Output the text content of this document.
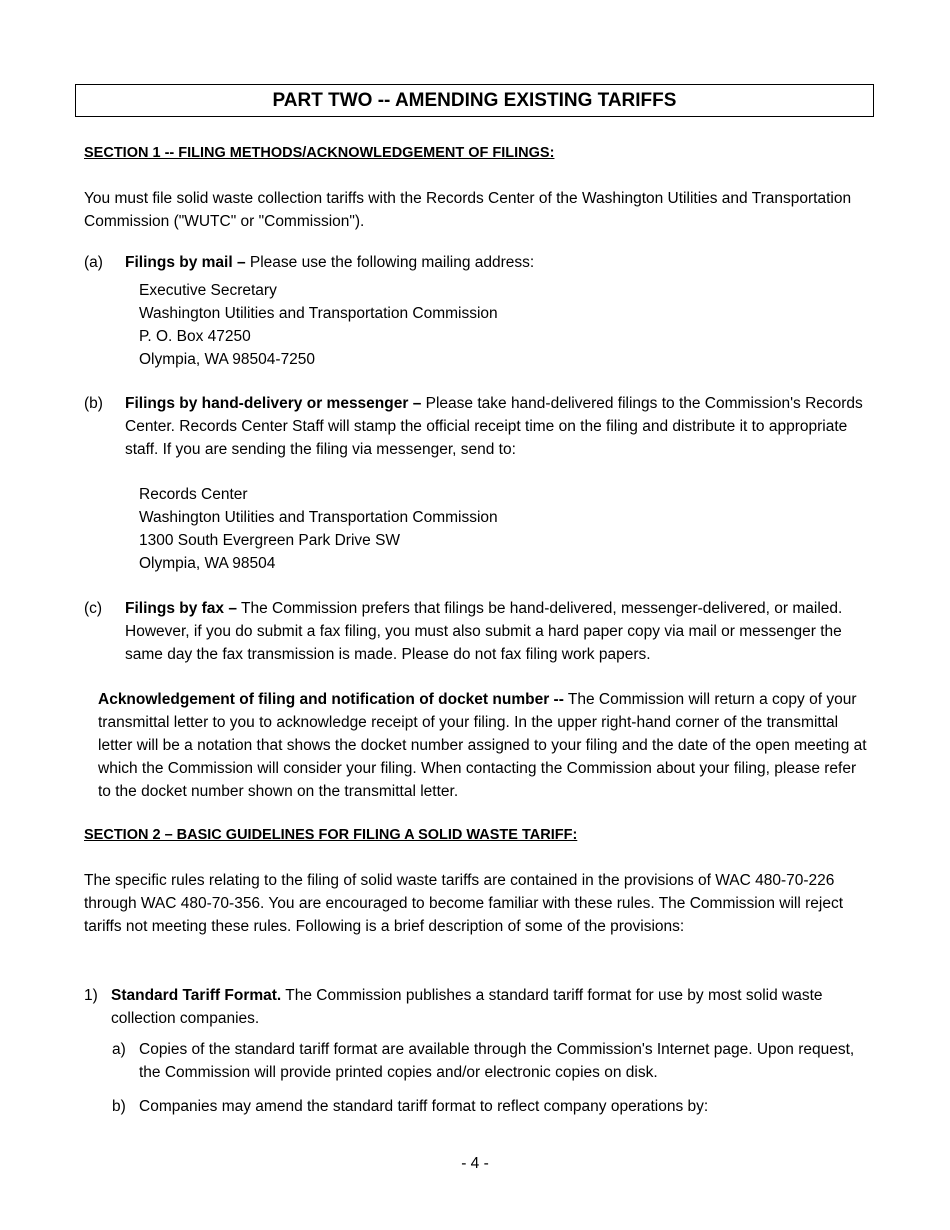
PART TWO -- AMENDING EXISTING TARIFFS
SECTION 1 -- FILING METHODS/ACKNOWLEDGEMENT OF FILINGS:
You must file solid waste collection tariffs with the Records Center of the Washington Utilities and Transportation Commission ("WUTC" or "Commission").
(a) Filings by mail – Please use the following mailing address:
Executive Secretary
Washington Utilities and Transportation Commission
P. O. Box 47250
Olympia, WA 98504-7250
(b) Filings by hand-delivery or messenger – Please take hand-delivered filings to the Commission's Records Center. Records Center Staff will stamp the official receipt time on the filing and distribute it to appropriate staff. If you are sending the filing via messenger, send to:
Records Center
Washington Utilities and Transportation Commission
1300 South Evergreen Park Drive SW
Olympia, WA 98504
(c) Filings by fax – The Commission prefers that filings be hand-delivered, messenger-delivered, or mailed. However, if you do submit a fax filing, you must also submit a hard paper copy via mail or messenger the same day the fax transmission is made. Please do not fax filing work papers.
Acknowledgement of filing and notification of docket number -- The Commission will return a copy of your transmittal letter to you to acknowledge receipt of your filing. In the upper right-hand corner of the transmittal letter will be a notation that shows the docket number assigned to your filing and the date of the open meeting at which the Commission will consider your filing. When contacting the Commission about your filing, please refer to the docket number shown on the transmittal letter.
SECTION 2 – BASIC GUIDELINES FOR FILING A SOLID WASTE TARIFF:
The specific rules relating to the filing of solid waste tariffs are contained in the provisions of WAC 480-70-226 through WAC 480-70-356. You are encouraged to become familiar with these rules. The Commission will reject tariffs not meeting these rules. Following is a brief description of some of the provisions:
1) Standard Tariff Format. The Commission publishes a standard tariff format for use by most solid waste collection companies.
a) Copies of the standard tariff format are available through the Commission's Internet page. Upon request, the Commission will provide printed copies and/or electronic copies on disk.
b) Companies may amend the standard tariff format to reflect company operations by:
- 4 -
